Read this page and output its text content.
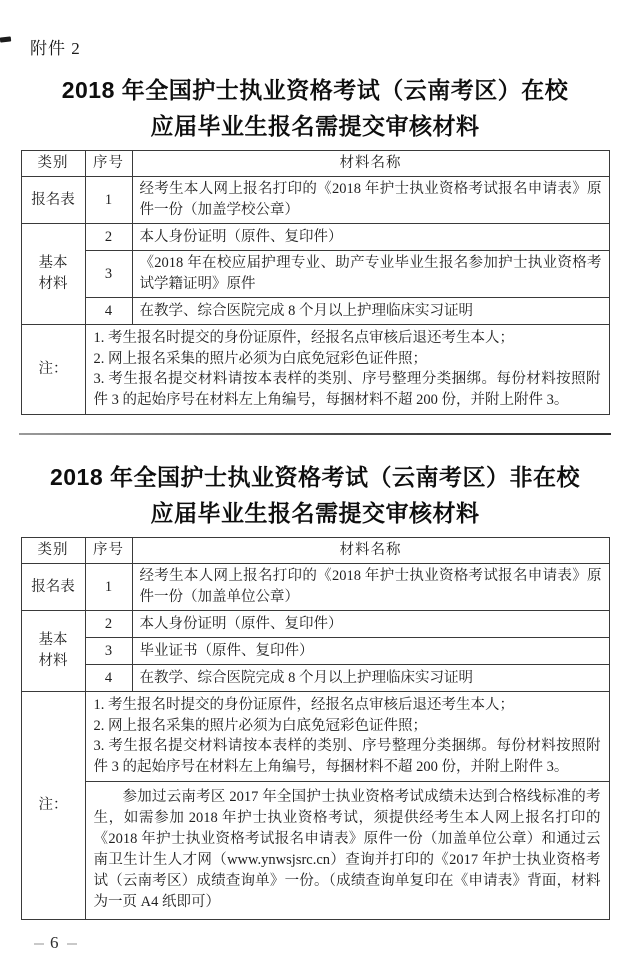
附件 2
2018 年全国护士执业资格考试（云南考区）在校
应届毕业生报名需提交审核材料
类别	序号	材料名称
报名表	1	经考生本人网上报名打印的《2018 年护士执业资格考试报名申请表》原件一份（加盖学校公章）
基本材料	2	本人身份证明（原件、复印件）
	3	《2018 年在校应届护理专业、助产专业毕业生报名参加护士执业资格考试学籍证明》原件
	4	在教学、综合医院完成 8 个月以上护理临床实习证明
注：	1. 考生报名时提交的身份证原件，经报名点审核后退还考生本人；
2. 网上报名采集的照片必须为白底免冠彩色证件照；
3. 考生报名提交材料请按本表样的类别、序号整理分类捆绑。每份材料按照附件 3 的起始序号在材料左上角编号，每捆材料不超 200 份，并附上附件 3。	
2018 年全国护士执业资格考试（云南考区）非在校
应届毕业生报名需提交审核材料
类别	序号	材料名称
报名表	1	经考生本人网上报名打印的《2018 年护士执业资格考试报名申请表》原件一份（加盖单位公章）
基本材料	2	本人身份证明（原件、复印件）
	3	毕业证书（原件、复印件）
	4	在教学、综合医院完成 8 个月以上护理临床实习证明
注：	1. 考生报名时提交的身份证原件，经报名点审核后退还考生本人；
2. 网上报名采集的照片必须为白底免冠彩色证件照；
3. 考生报名提交材料请按本表样的类别、序号整理分类捆绑。每份材料按照附件 3 的起始序号在材料左上角编号，每捆材料不超 200 份，并附上附件 3。	

	参加过云南考区 2017 年全国护士执业资格考试成绩未达到合格线标准的考生，如需参加 2018 年护士执业资格考试，须提供经考生本人网上报名打印的《2018 年护士执业资格考试报名申请表》原件一份（加盖单位公章）和通过云南卫生计生人才网（www.ynwsjsrc.cn）查询并打印的《2017 年护士执业资格考试（云南考区）成绩查询单》一份。（成绩查询单复印在《申请表》背面，材料为一页 A4 纸即可）	
6
